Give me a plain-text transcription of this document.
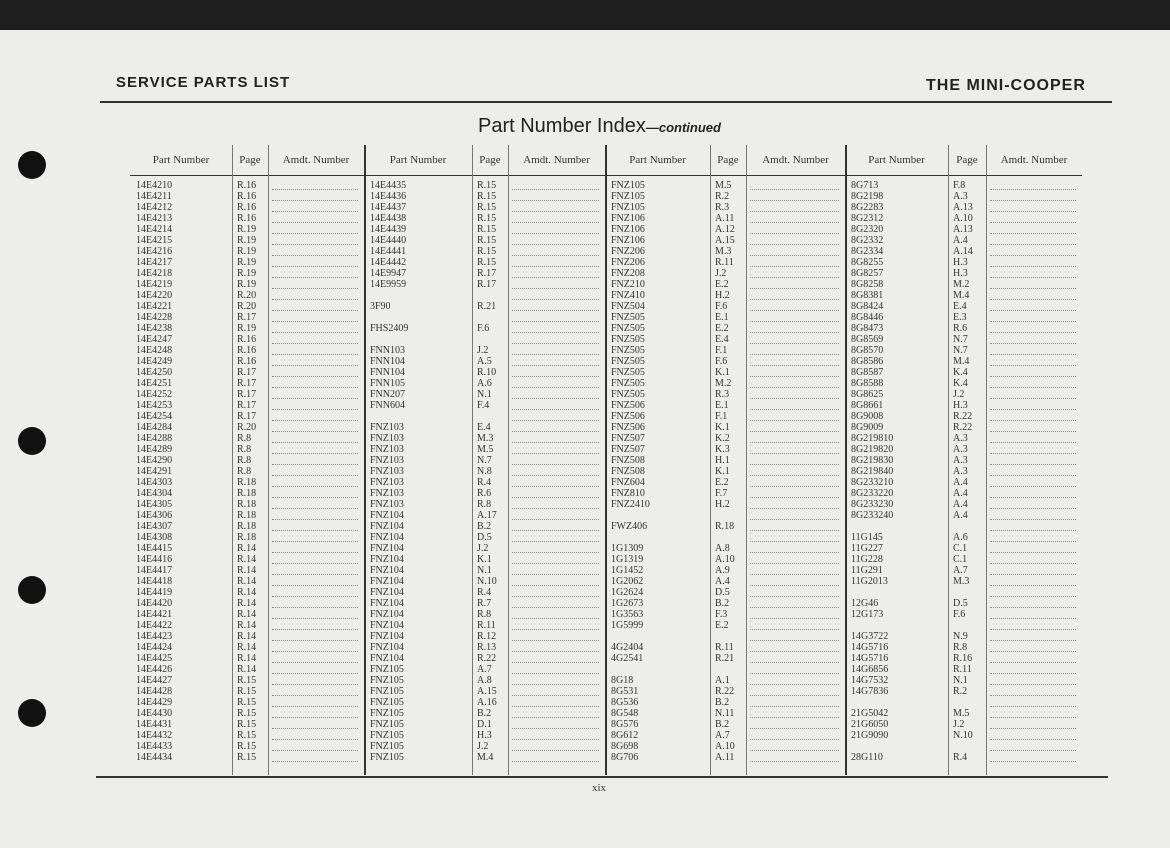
SERVICE PARTS LIST	THE MINI-COOPER
Part Number Index—continued
Part Number	Page	Amdt. Number
14E4210	R.16
14E4211	R.16
14E4212	R.16
14E4213	R.16
14E4214	R.19
14E4215	R.19
14E4216	R.19
14E4217	R.19
14E4218	R.19
14E4219	R.19
14E4220	R.20
14E4221	R.20
14E4228	R.17
14E4238	R.19
14E4247	R.16
14E4248	R.16
14E4249	R.16
14E4250	R.17
14E4251	R.17
14E4252	R.17
14E4253	R.17
14E4254	R.17
14E4284	R.20
14E4288	R.8
14E4289	R.8
14E4290	R.8
14E4291	R.8
14E4303	R.18
14E4304	R.18
14E4305	R.18
14E4306	R.18
14E4307	R.18
14E4308	R.18
14E4415	R.14
14E4416	R.14
14E4417	R.14
14E4418	R.14
14E4419	R.14
14E4420	R.14
14E4421	R.14
14E4422	R.14
14E4423	R.14
14E4424	R.14
14E4425	R.14
14E4426	R.14
14E4427	R.15
14E4428	R.15
14E4429	R.15
14E4430	R.15
14E4431	R.15
14E4432	R.15
14E4433	R.15
14E4434	R.15
Part Number	Page	Amdt. Number
14E4435	R.15
14E4436	R.15
14E4437	R.15
14E4438	R.15
14E4439	R.15
14E4440	R.15
14E4441	R.15
14E4442	R.15
14E9947	R.17
14E9959	R.17
3F90	R.21
FHS2409	F.6
FNN103	J.2
FNN104	A.5
FNN104	R.10
FNN105	A.6
FNN207	N.1
FNN604	F.4
FNZ103	E.4
FNZ103	M.3
FNZ103	M.5
FNZ103	N.7
FNZ103	N.8
FNZ103	R.4
FNZ103	R.6
FNZ103	R.8
FNZ104	A.17
FNZ104	B.2
FNZ104	D.5
FNZ104	J.2
FNZ104	K.1
FNZ104	N.1
FNZ104	N.10
FNZ104	R.4
FNZ104	R.7
FNZ104	R.8
FNZ104	R.11
FNZ104	R.12
FNZ104	R.13
FNZ104	R.22
FNZ105	A.7
FNZ105	A.8
FNZ105	A.15
FNZ105	A.16
FNZ105	B.2
FNZ105	D.1
FNZ105	H.3
FNZ105	J.2
FNZ105	M.4
Part Number	Page	Amdt. Number
FNZ105	M.5
FNZ105	R.2
FNZ105	R.3
FNZ106	A.11
FNZ106	A.12
FNZ106	A.15
FNZ206	M.3
FNZ206	R.11
FNZ208	J.2
FNZ210	E.2
FNZ410	H.2
FNZ504	F.6
FNZ505	E.1
FNZ505	E.2
FNZ505	E.4
FNZ505	F.1
FNZ505	F.6
FNZ505	K.1
FNZ505	M.2
FNZ505	R.3
FNZ506	E.1
FNZ506	F.1
FNZ506	K.1
FNZ507	K.2
FNZ507	K.3
FNZ508	H.1
FNZ508	K.1
FNZ604	E.2
FNZ810	F.7
FNZ2410	H.2
FWZ406	R.18
1G1309	A.8
1G1319	A.10
1G1452	A.9
1G2062	A.4
1G2624	D.5
1G2673	B.2
1G3563	F.3
1G5999	E.2
4G2404	R.11
4G2541	R.21
8G18	A.1
8G531	R.22
8G536	B.2
8G548	N.11
8G576	B.2
8G612	A.7
8G698	A.10
8G706	A.11
Part Number	Page	Amdt. Number
8G713	F.8
8G2198	A.3
8G2283	A.13
8G2312	A.10
8G2320	A.13
8G2332	A.4
8G2334	A.14
8G8255	H.3
8G8257	H.3
8G8258	M.2
8G8381	M.4
8G8424	E.4
8G8446	E.3
8G8473	R.6
8G8569	N.7
8G8570	N.7
8G8586	M.4
8G8587	K.4
8G8588	K.4
8G8625	J.2
8G8661	H.3
8G9008	R.22
8G9009	R.22
8G219810	A.3
8G219820	A.3
8G219830	A.3
8G219840	A.3
8G233210	A.4
8G233220	A.4
8G233230	A.4
8G233240	A.4
11G145	A.6
11G227	C.1
11G228	C.1
11G291	A.7
11G2013	M.3
12G46	D.5
12G173	F.6
14G3722	N.9
14G5716	R.8
14G5716	R.16
14G6856	R.11
14G7532	N.1
14G7836	R.2
21G5042	M.5
21G6050	J.2
21G9090	N.10
28G110	R.4
xix
